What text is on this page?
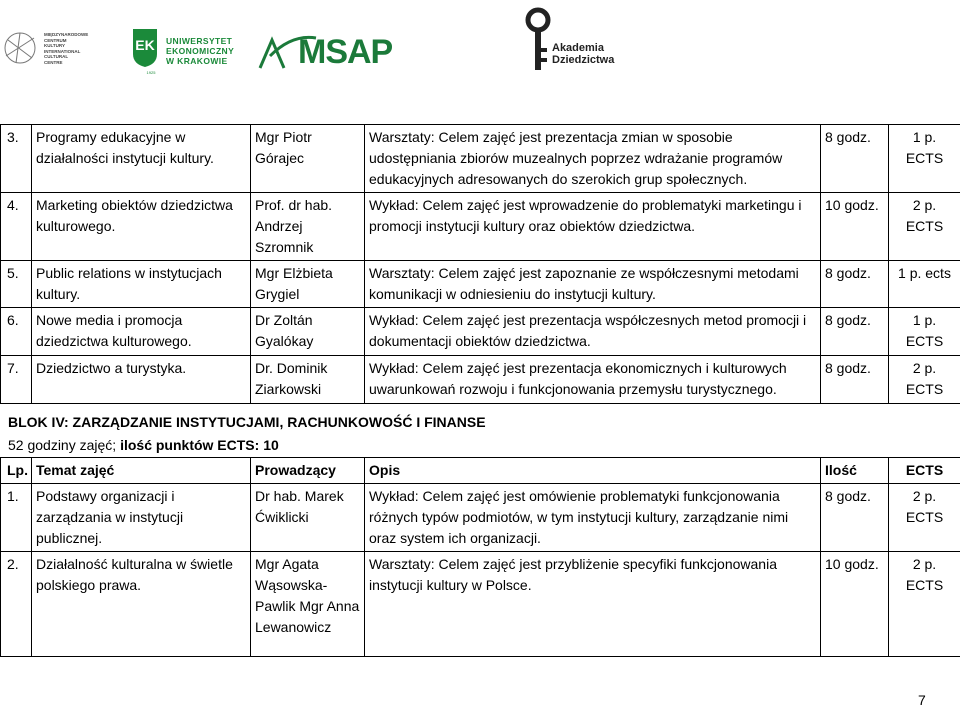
MIĘDZYNARODOWE
CENTRUM
KULTURY
INTERNATIONAL
CULTURAL
CENTRE
EK
1925
UNIWERSYTET
EKONOMICZNY
W KRAKOWIE MSAP	Akademia
Dziedzictwa
3.	Programy edukacyjne w działalności instytucji kultury.	Mgr Piotr Górajec	Warsztaty: Celem zajęć jest prezentacja zmian w sposobie udostępniania zbiorów muzealnych poprzez wdrażanie programów edukacyjnych adresowanych do szerokich grup społecznych.	8 godz.	1 p. ECTS
4.	Marketing obiektów dziedzictwa kulturowego.	Prof. dr hab. Andrzej Szromnik	Wykład: Celem zajęć jest wprowadzenie do problematyki marketingu i promocji instytucji kultury oraz obiektów dziedzictwa.	10 godz.	2 p. ECTS
5.	Public relations w instytucjach kultury.	Mgr Elżbieta Grygiel	Warsztaty: Celem zajęć jest zapoznanie ze współczesnymi metodami komunikacji w odniesieniu do instytucji kultury.	8 godz.	1 p. ects
6.	Nowe media i promocja dziedzictwa kulturowego.	Dr Zoltán Gyalókay	Wykład: Celem zajęć jest prezentacja współczesnych metod promocji i dokumentacji obiektów dziedzictwa.	8 godz.	1 p. ECTS
7.	Dziedzictwo a turystyka.	Dr. Dominik Ziarkowski	Wykład: Celem zajęć jest prezentacja ekonomicznych i kulturowych uwarunkowań rozwoju i funkcjonowania przemysłu turystycznego.	8 godz.	2 p. ECTS
BLOK IV: ZARZĄDZANIE INSTYTUCJAMI, RACHUNKOWOŚĆ I FINANSE
52 godziny zajęć; ilość punktów ECTS: 10
Lp.	Temat zajęć	Prowadzący	Opis	Ilość	ECTS
1.	Podstawy organizacji i zarządzania w instytucji publicznej.	Dr hab. Marek Ćwiklicki	Wykład: Celem zajęć jest omówienie problematyki funkcjonowania różnych typów podmiotów, w tym instytucji kultury, zarządzanie nimi oraz system ich organizacji.	8 godz.	2 p. ECTS
2.	Działalność kulturalna w świetle polskiego prawa.	Mgr Agata Wąsowska-Pawlik Mgr Anna Lewanowicz	Warsztaty: Celem zajęć jest przybliżenie specyfiki funkcjonowania instytucji kultury w Polsce.	10 godz.	2 p. ECTS
7
